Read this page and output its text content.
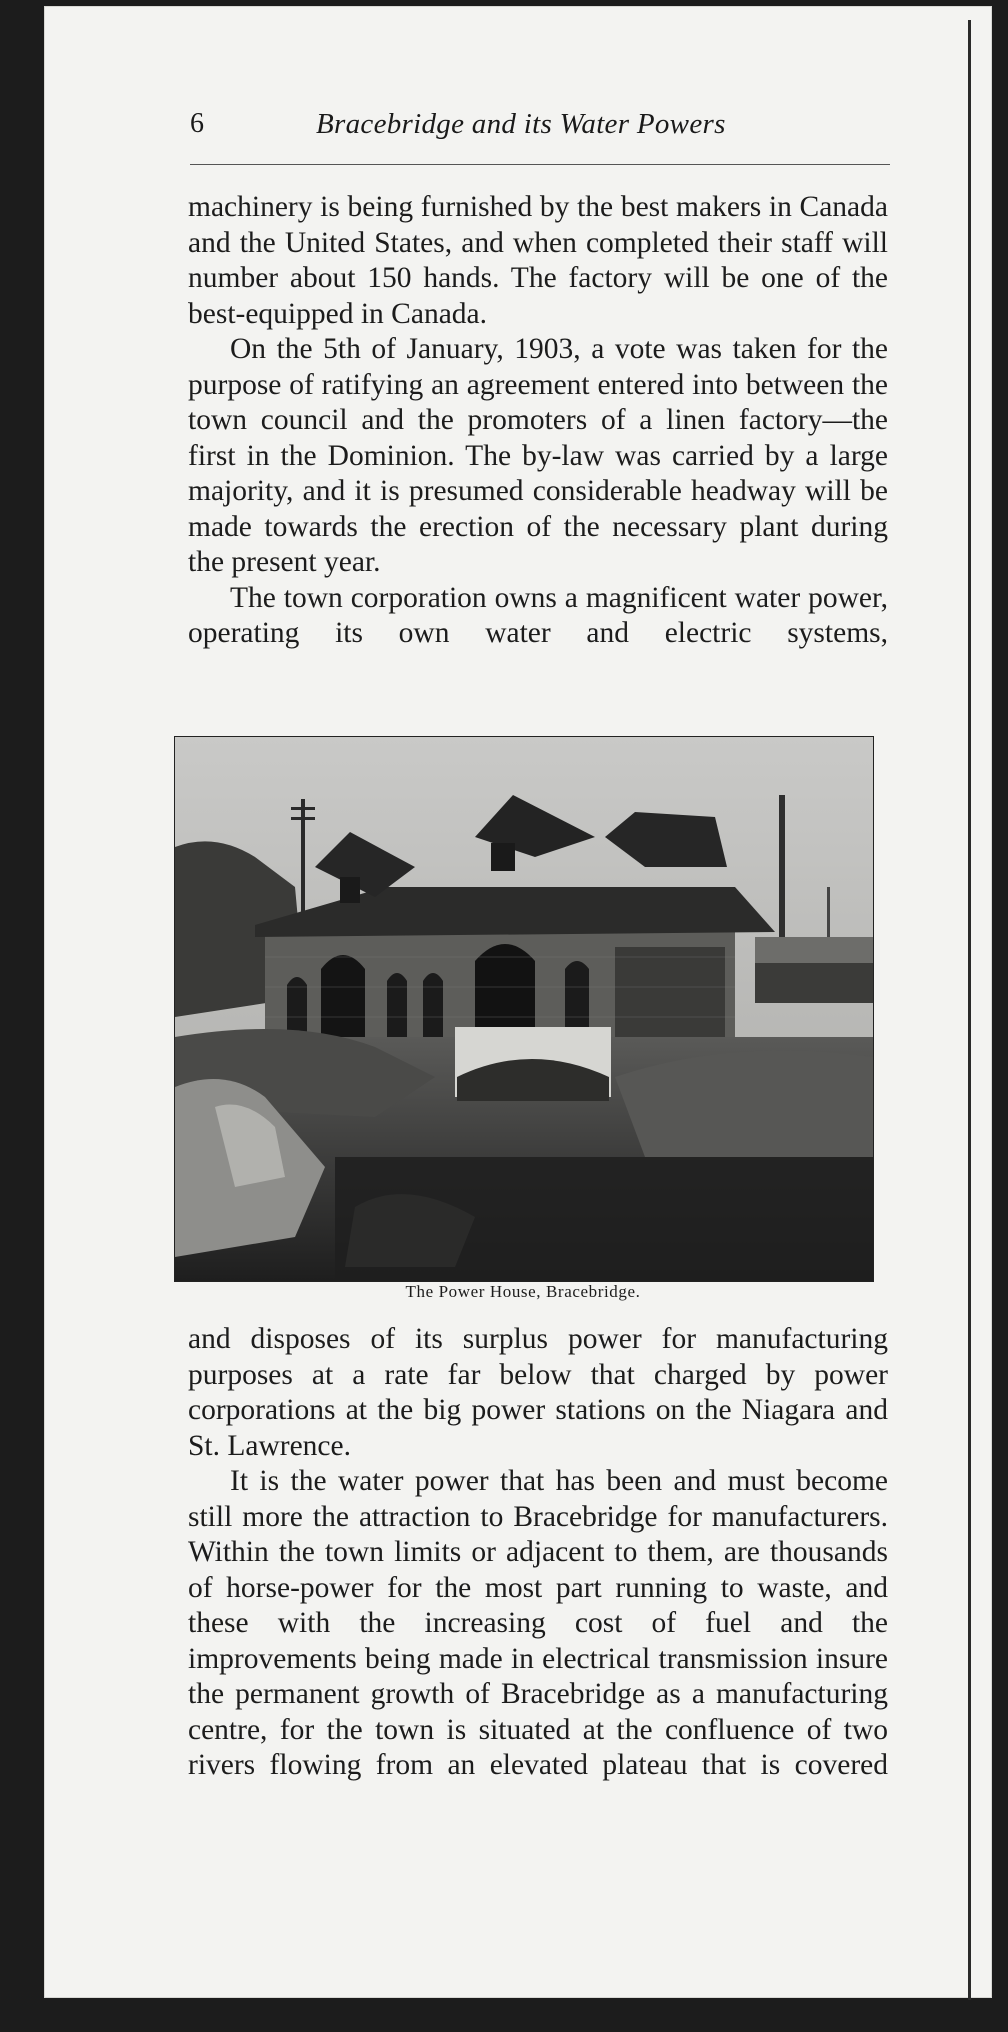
6	Bracebridge and its Water Powers

machinery is being furnished by the best makers in Canada and the United States, and when completed their staff will number about 150 hands. The factory will be one of the best-equipped in Canada.

On the 5th of January, 1903, a vote was taken for the purpose of ratifying an agreement entered into between the town council and the promoters of a linen factory—the first in the Dominion. The by-law was carried by a large majority, and it is presumed considerable headway will be made towards the erection of the necessary plant during the present year.

The town corporation owns a magnificent water power, operating its own water and electric systems,

The Power House, Bracebridge.

and disposes of its surplus power for manufacturing purposes at a rate far below that charged by power corporations at the big power stations on the Niagara and St. Lawrence.

It is the water power that has been and must become still more the attraction to Bracebridge for manufacturers. Within the town limits or adjacent to them, are thousands of horse-power for the most part running to waste, and these with the increasing cost of fuel and the improvements being made in electrical transmission insure the permanent growth of Bracebridge as a manufacturing centre, for the town is situated at the confluence of two rivers flowing from an elevated plateau that is covered
